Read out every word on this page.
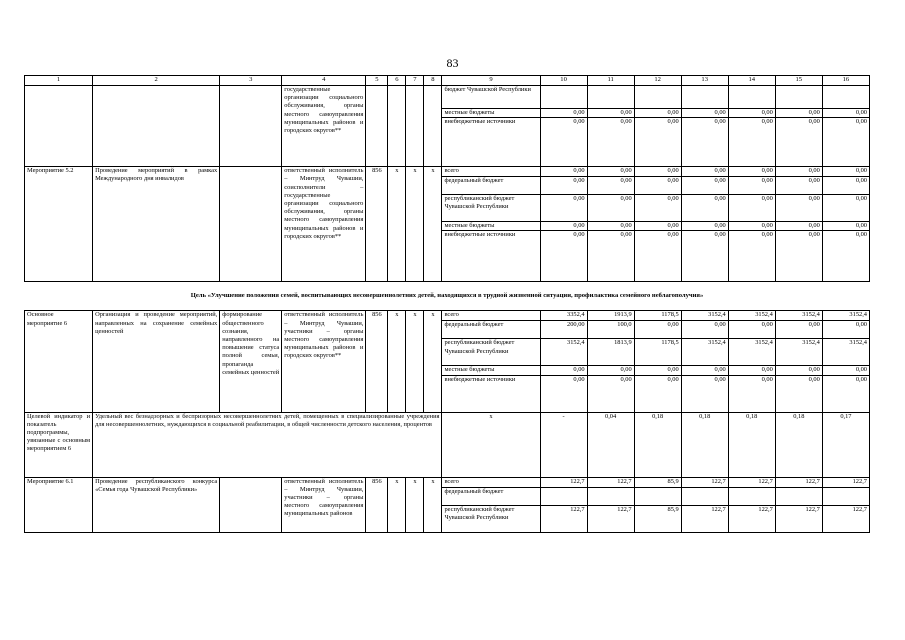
83
1	2	3	4	5	6	7	8	9	10	11	12	13	14	15	16
			государственные организации социального обслуживания, органы местного самоуправления муниципальных районов и городских округов**					бюджет Чувашской Республики							
								местные бюджеты	0,00	0,00	0,00	0,00	0,00	0,00	0,00
								внебюджетные источники	0,00	0,00	0,00	0,00	0,00	0,00	0,00
Мероприятие 5.2	Проведение мероприятий в рамках Международного дня инвалидов		ответственный исполнитель – Минтруд Чувашии, соисполнители – государственные организации социального обслуживания, органы местного самоуправления муниципальных районов и городских округов**	856	x	x	x	всего	0,00	0,00	0,00	0,00	0,00	0,00	0,00
								федеральный бюджет	0,00	0,00	0,00	0,00	0,00	0,00	0,00
								республиканский бюджет Чувашской Республики	0,00	0,00	0,00	0,00	0,00	0,00	0,00
								местные бюджеты	0,00	0,00	0,00	0,00	0,00	0,00	0,00
								внебюджетные источники	0,00	0,00	0,00	0,00	0,00	0,00	0,00
Цель «Улучшение положения семей, воспитывающих несовершеннолетних детей, находящихся в трудной жизненной ситуации, профилактика семейного неблагополучия»															
Основное мероприятие 6	Организация и проведение мероприятий, направленных на сохранение семейных ценностей	формирование общественного сознания, направленного на повышение статуса полной семьи, пропаганда семейных ценностей	ответственный исполнитель – Минтруд Чувашии, участники – органы местного самоуправления муниципальных районов и городских округов**	856	x	x	x	всего	3352,4	1913,9	1178,5	3152,4	3152,4	3152,4	3152,4
								федеральный бюджет	200,00	100,0	0,00	0,00	0,00	0,00	0,00
								республиканский бюджет Чувашской Республики	3152,4	1813,9	1178,5	3152,4	3152,4	3152,4	3152,4
								местные бюджеты	0,00	0,00	0,00	0,00	0,00	0,00	0,00
								внебюджетные источники	0,00	0,00	0,00	0,00	0,00	0,00	0,00
Целевой индикатор и показатель подпрограммы, увязанные с основным мероприятием 6	Удельный вес безнадзорных и беспризорных несовершеннолетних детей, помещенных в специализированные учреждения для несовершеннолетних, нуждающихся в социальной реабилитации, в общей численности детского населения, процентов							x	-	0,04	0,18	0,18	0,18	0,18	0,17
Мероприятие 6.1	Проведение республиканского конкурса «Семья года Чувашской Республики»		ответственный исполнитель – Минтруд Чувашии, участники – органы местного самоуправления муниципальных районов	856	x	x	x	всего	122,7	122,7	85,9	122,7	122,7	122,7	122,7
								федеральный бюджет							
								республиканский бюджет Чувашской Республики	122,7	122,7	85,9	122,7	122,7	122,7	122,7
